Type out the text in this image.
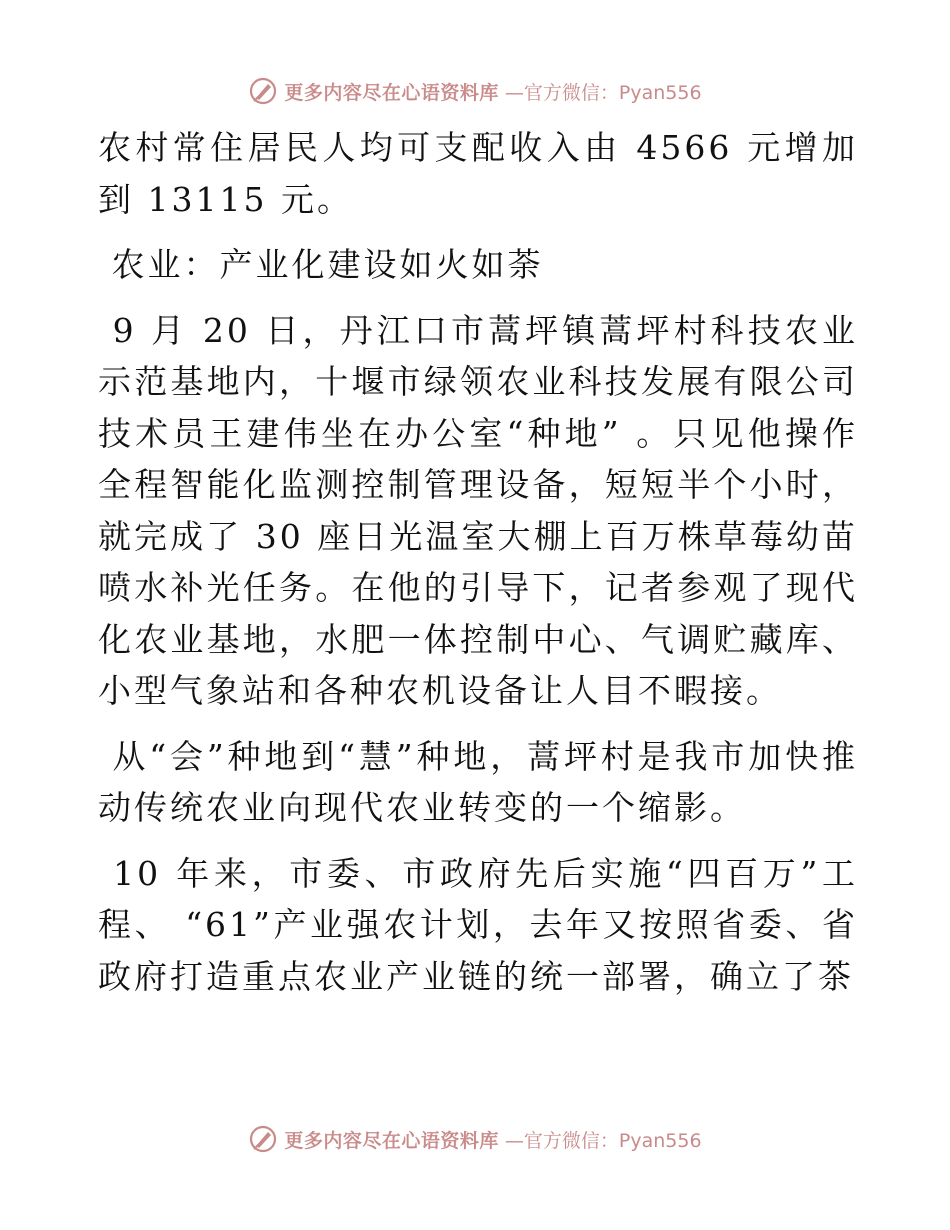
更多内容尽在心语资料库 —官方微信：Pyan556

农村常住居民人均可支配收入由 4566 元增加到 13115 元。

农业：产业化建设如火如荼

9 月 20 日，丹江口市蒿坪镇蒿坪村科技农业示范基地内，十堰市绿领农业科技发展有限公司技术员王建伟坐在办公室“种地” 。只见他操作全程智能化监测控制管理设备，短短半个小时，就完成了 30 座日光温室大棚上百万株草莓幼苗喷水补光任务。在他的引导下，记者参观了现代化农业基地，水肥一体控制中心、气调贮藏库、小型气象站和各种农机设备让人目不暇接。

从“会”种地到“慧”种地，蒿坪村是我市加快推动传统农业向现代农业转变的一个缩影。

10 年来，市委、市政府先后实施“四百万”工程、 “61”产业强农计划，去年又按照省委、省政府打造重点农业产业链的统一部署，确立了茶

更多内容尽在心语资料库 —官方微信：Pyan556
